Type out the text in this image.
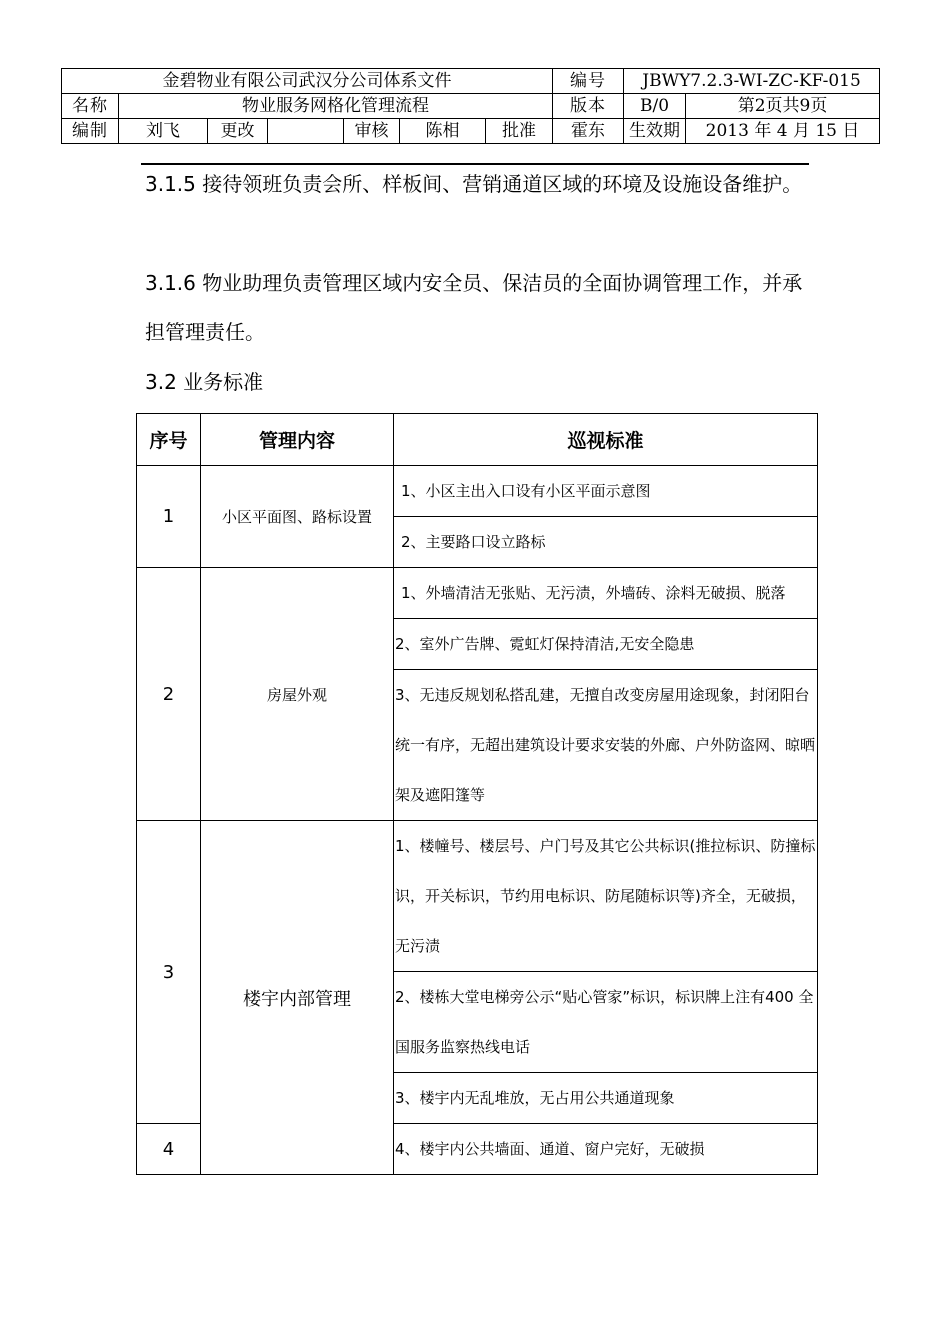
金碧物业有限公司武汉分公司体系文件							编号	JBWY7.2.3-WI-ZC-KF-015	
名称	物业服务网格化管理流程						版本	B/0	第2页共9页
编制	刘飞	更改		审核	陈相	批准	霍东	生效期	2013 年 4 月 15 日

3.1.5 接待领班负责会所、样板间、营销通道区域的环境及设施设备维护。

3.1.6 物业助理负责管理区域内安全员、保洁员的全面协调管理工作，并承担管理责任。

3.2 业务标准

序号	管理内容	巡视标准
1	小区平面图、路标设置	1、小区主出入口设有小区平面示意图
		2、主要路口设立路标
2	房屋外观	1、外墙清洁无张贴、无污渍，外墙砖、涂料无破损、脱落
		2、室外广告牌、霓虹灯保持清洁,无安全隐患
		3、无违反规划私搭乱建，无擅自改变房屋用途现象，封闭阳台统一有序，无超出建筑设计要求安装的外廊、户外防盗网、晾晒架及遮阳篷等
3	楼宇内部管理	1、楼幢号、楼层号、户门号及其它公共标识(推拉标识、防撞标识，开关标识，节约用电标识、防尾随标识等)齐全，无破损，无污渍
		2、楼栋大堂电梯旁公示“贴心管家”标识，标识牌上注有400 全国服务监察热线电话
		3、楼宇内无乱堆放，无占用公共通道现象
4		4、楼宇内公共墙面、通道、窗户完好，无破损
